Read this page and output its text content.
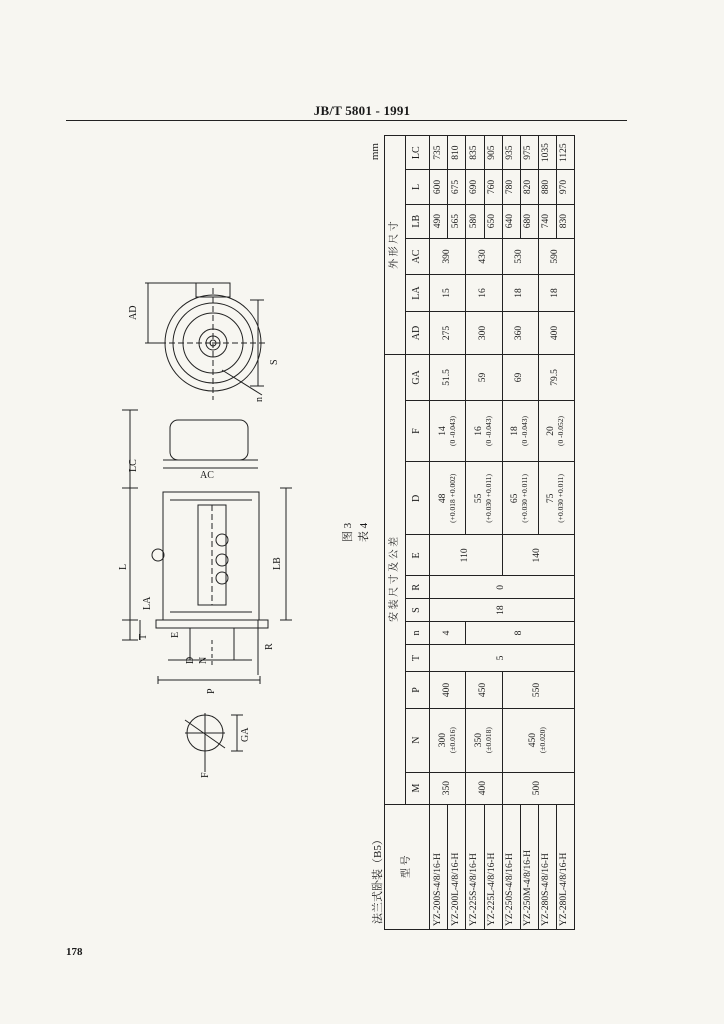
JB/T 5801 - 1991
AD
LC
AC
L
LA
LB
T E
D N
P
R
GA
F
S
n
图 3 表 4
法兰式卧装（B5）
mm
型 号	安 装 尺 寸 及 公 差											外 形 尺 寸					
	M	N	P	T	n	S	R	E	D	F	GA	AD	LA	AC	LB	L	LC
YZ-200S-4/8/16-H	350	300 (±0.016)	400	5	4	18	0	110	48 (+0.018 +0.002)	14 (0 -0.043)	51.5	275	15	390	490	600	735
YZ-200L-4/8/16-H															565	675	810
YZ-225S-4/8/16-H	400	350 (±0.018)	450		8				55 (+0.030 +0.011)	16 (0 -0.043)	59	300	16	430	580	690	835
YZ-225L-4/8/16-H															650	760	905
YZ-250S-4/8/16-H	500	450 (±0.020)	550					140	65 (+0.030 +0.011)	18 (0 -0.043)	69	360	18	530	640	780	935
YZ-250M-4/8/16-H															680	820	975
YZ-280S-4/8/16-H									75 (+0.030 +0.011)	20 (0 -0.052)	79.5	400	18	590	740	880	1035
YZ-280L-4/8/16-H															830	970	1125
178
